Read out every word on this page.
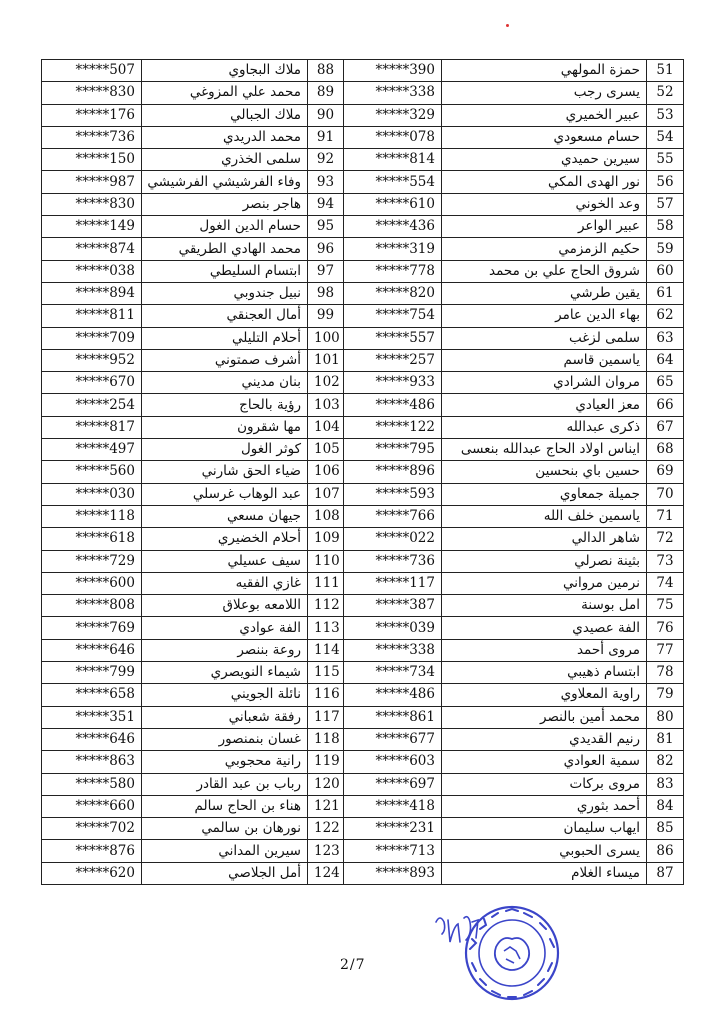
*****507	ملاك البجاوي	88	*****390	حمزة المولهي	51
*****830	محمد علي المزوغي	89	*****338	يسرى رجب	52
*****176	ملاك الجبالي	90	*****329	عبير الخميري	53
*****736	محمد الدريدي	91	*****078	حسام مسعودي	54
*****150	سلمى الخذري	92	*****814	سيرين حميدي	55
*****987	وفاء الفرشيشي الفرشيشي	93	*****554	نور الهدى المكي	56
*****830	هاجر بنصر	94	*****610	وعد الخوني	57
*****149	حسام الدين الغول	95	*****436	عبير الواعر	58
*****874	محمد الهادي الطريقي	96	*****319	حكيم الزمزمي	59
*****038	ابتسام السليطي	97	*****778	شروق الحاج علي بن محمد	60
*****894	نبيل جندوبي	98	*****820	يقين طرشي	61
*****811	أمال العجنقي	99	*****754	بهاء الدين عامر	62
*****709	أحلام التليلي	100	*****557	سلمى لزغب	63
*****952	أشرف صمتوني	101	*****257	ياسمين قاسم	64
*****670	بنان مديني	102	*****933	مروان الشرادي	65
*****254	رؤية بالحاج	103	*****486	معز العيادي	66
*****817	مها شقرون	104	*****122	ذكرى عبدالله	67
*****497	كوثر الغول	105	*****795	ايناس اولاد الحاج عبدالله بنعسى	68
*****560	ضياء الحق شارني	106	*****896	حسين باي بنحسين	69
*****030	عبد الوهاب غرسلي	107	*****593	جميلة جمعاوي	70
*****118	جيهان مسعي	108	*****766	ياسمين خلف الله	71
*****618	أحلام الخضيري	109	*****022	شاهر الدالي	72
*****729	سيف عسيلي	110	*****736	بثينة نصرلي	73
*****600	غازي الفقيه	111	*****117	نرمين مرواني	74
*****808	اللامعه بوعلاق	112	*****387	امل بوسنة	75
*****769	الفة عوادي	113	*****039	الفة عصيدي	76
*****646	روعة بننصر	114	*****338	مروى أحمد	77
*****799	شيماء النويصري	115	*****734	ابتسام ذهيبي	78
*****658	نائلة الجويني	116	*****486	راوية المعلاوي	79
*****351	رفقة شعباني	117	*****861	محمد أمين بالنصر	80
*****646	غسان بنمنصور	118	*****677	رنيم القديدي	81
*****863	رانية محجوبي	119	*****603	سمية العوادي	82
*****580	رباب بن عبد القادر	120	*****697	مروى بركات	83
*****660	هناء بن الحاج سالم	121	*****418	أحمد بثوري	84
*****702	نورهان بن سالمي	122	*****231	ايهاب سليمان	85
*****876	سيرين المداني	123	*****713	يسرى الحبوبي	86
*****620	أمل الجلاصي	124	*****893	ميساء الغلام	87
2/7
